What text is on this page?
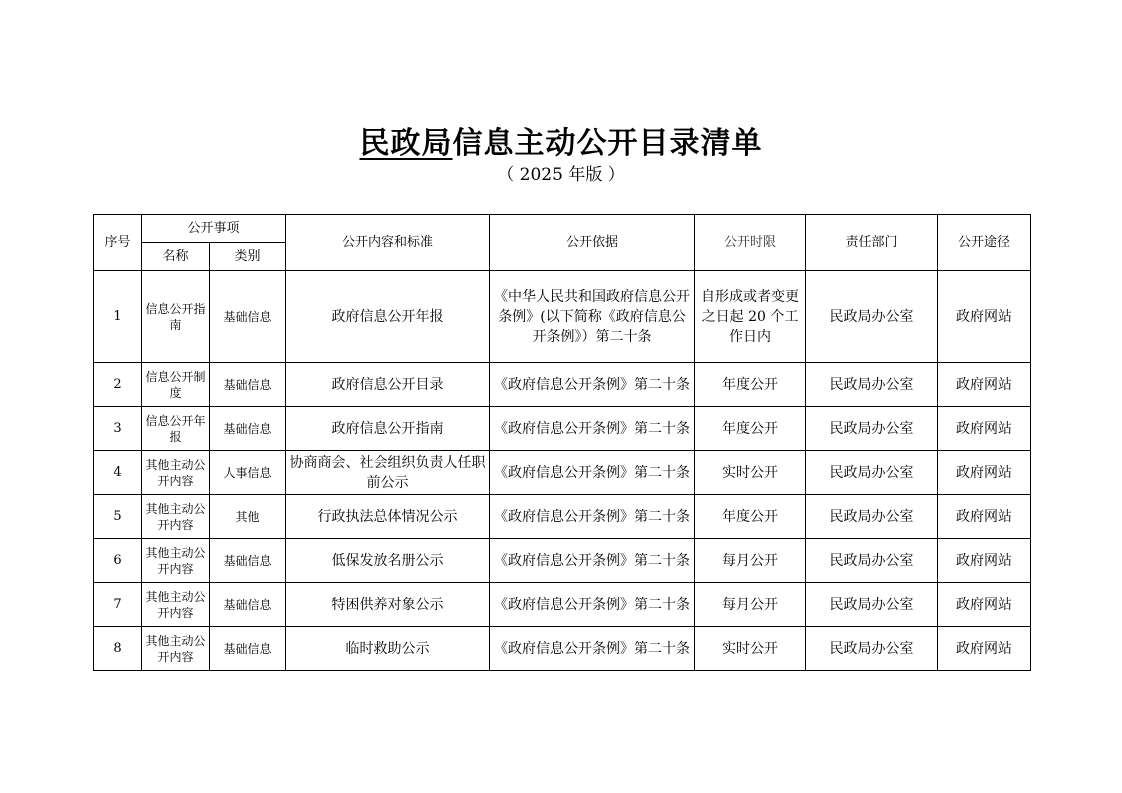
民政局信息主动公开目录清单
（ 2025 年版 ）
序号	公开事项		公开内容和标准	公开依据	公开时限	责任部门	公开途径
	名称	类别					
1	信息公开指南	基础信息	政府信息公开年报	《中华人民共和国政府信息公开条例》(以下简称《政府信息公开条例》）第二十条	自形成或者变更之日起 20 个工作日内	民政局办公室	政府网站
2	信息公开制度	基础信息	政府信息公开目录	《政府信息公开条例》第二十条	年度公开	民政局办公室	政府网站
3	信息公开年报	基础信息	政府信息公开指南	《政府信息公开条例》第二十条	年度公开	民政局办公室	政府网站
4	其他主动公开内容	人事信息	协商商会、社会组织负责人任职前公示	《政府信息公开条例》第二十条	实时公开	民政局办公室	政府网站
5	其他主动公开内容	其他	行政执法总体情况公示	《政府信息公开条例》第二十条	年度公开	民政局办公室	政府网站
6	其他主动公开内容	基础信息	低保发放名册公示	《政府信息公开条例》第二十条	每月公开	民政局办公室	政府网站
7	其他主动公开内容	基础信息	特困供养对象公示	《政府信息公开条例》第二十条	每月公开	民政局办公室	政府网站
8	其他主动公开内容	基础信息	临时救助公示	《政府信息公开条例》第二十条	实时公开	民政局办公室	政府网站
